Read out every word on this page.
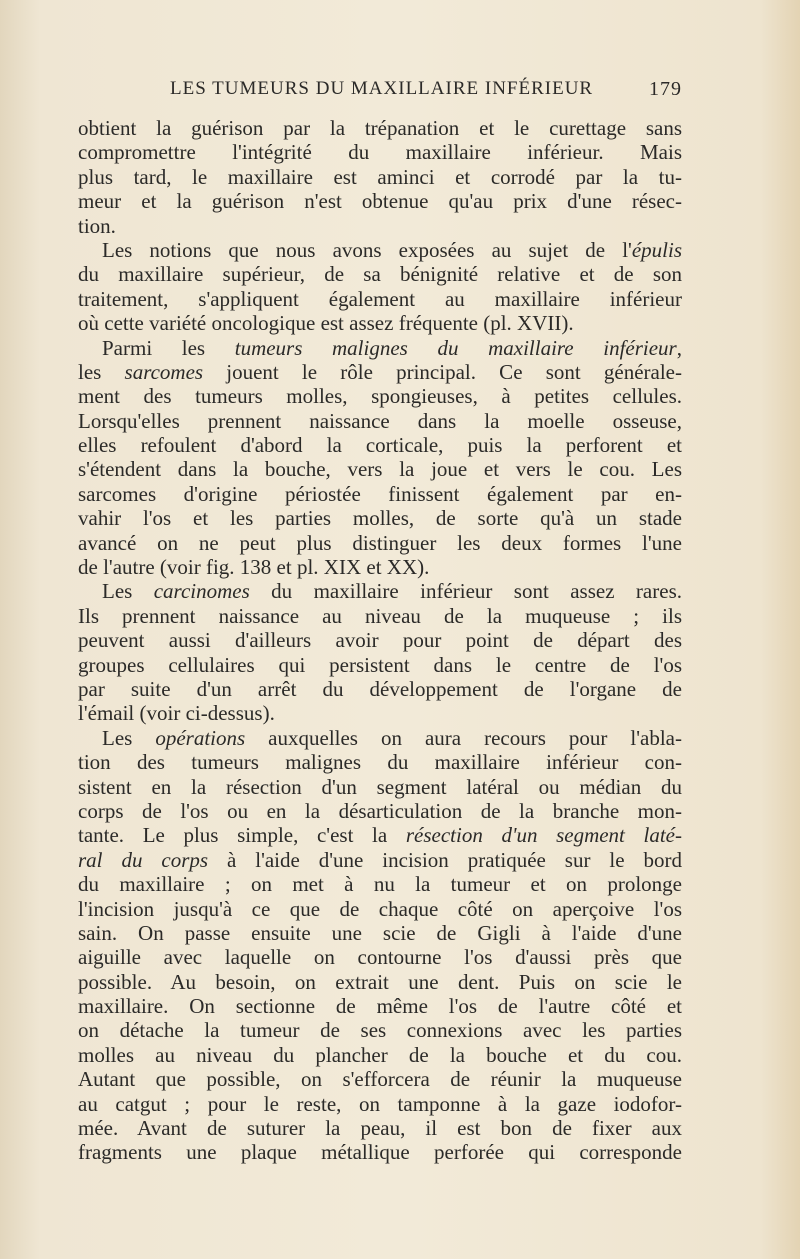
LES TUMEURS DU MAXILLAIRE INFÉRIEUR	179
obtient la guérison par la trépanation et le curettage sans
compromettre l'intégrité du maxillaire inférieur. Mais
plus tard, le maxillaire est aminci et corrodé par la tu-
meur et la guérison n'est obtenue qu'au prix d'une résec-
tion.
Les notions que nous avons exposées au sujet de l'épulis
du maxillaire supérieur, de sa bénignité relative et de son
traitement, s'appliquent également au maxillaire inférieur
où cette variété oncologique est assez fréquente (pl. XVII).
Parmi les tumeurs malignes du maxillaire inférieur,
les sarcomes jouent le rôle principal. Ce sont générale-
ment des tumeurs molles, spongieuses, à petites cellules.
Lorsqu'elles prennent naissance dans la moelle osseuse,
elles refoulent d'abord la corticale, puis la perforent et
s'étendent dans la bouche, vers la joue et vers le cou. Les
sarcomes d'origine périostée finissent également par en-
vahir l'os et les parties molles, de sorte qu'à un stade
avancé on ne peut plus distinguer les deux formes l'une
de l'autre (voir fig. 138 et pl. XIX et XX).
Les carcinomes du maxillaire inférieur sont assez rares.
Ils prennent naissance au niveau de la muqueuse ; ils
peuvent aussi d'ailleurs avoir pour point de départ des
groupes cellulaires qui persistent dans le centre de l'os
par suite d'un arrêt du développement de l'organe de
l'émail (voir ci-dessus).
Les opérations auxquelles on aura recours pour l'abla-
tion des tumeurs malignes du maxillaire inférieur con-
sistent en la résection d'un segment latéral ou médian du
corps de l'os ou en la désarticulation de la branche mon-
tante. Le plus simple, c'est la résection d'un segment laté-
ral du corps à l'aide d'une incision pratiquée sur le bord
du maxillaire ; on met à nu la tumeur et on prolonge
l'incision jusqu'à ce que de chaque côté on aperçoive l'os
sain. On passe ensuite une scie de Gigli à l'aide d'une
aiguille avec laquelle on contourne l'os d'aussi près que
possible. Au besoin, on extrait une dent. Puis on scie le
maxillaire. On sectionne de même l'os de l'autre côté et
on détache la tumeur de ses connexions avec les parties
molles au niveau du plancher de la bouche et du cou.
Autant que possible, on s'efforcera de réunir la muqueuse
au catgut ; pour le reste, on tamponne à la gaze iodofor-
mée. Avant de suturer la peau, il est bon de fixer aux
fragments une plaque métallique perforée qui corresponde
